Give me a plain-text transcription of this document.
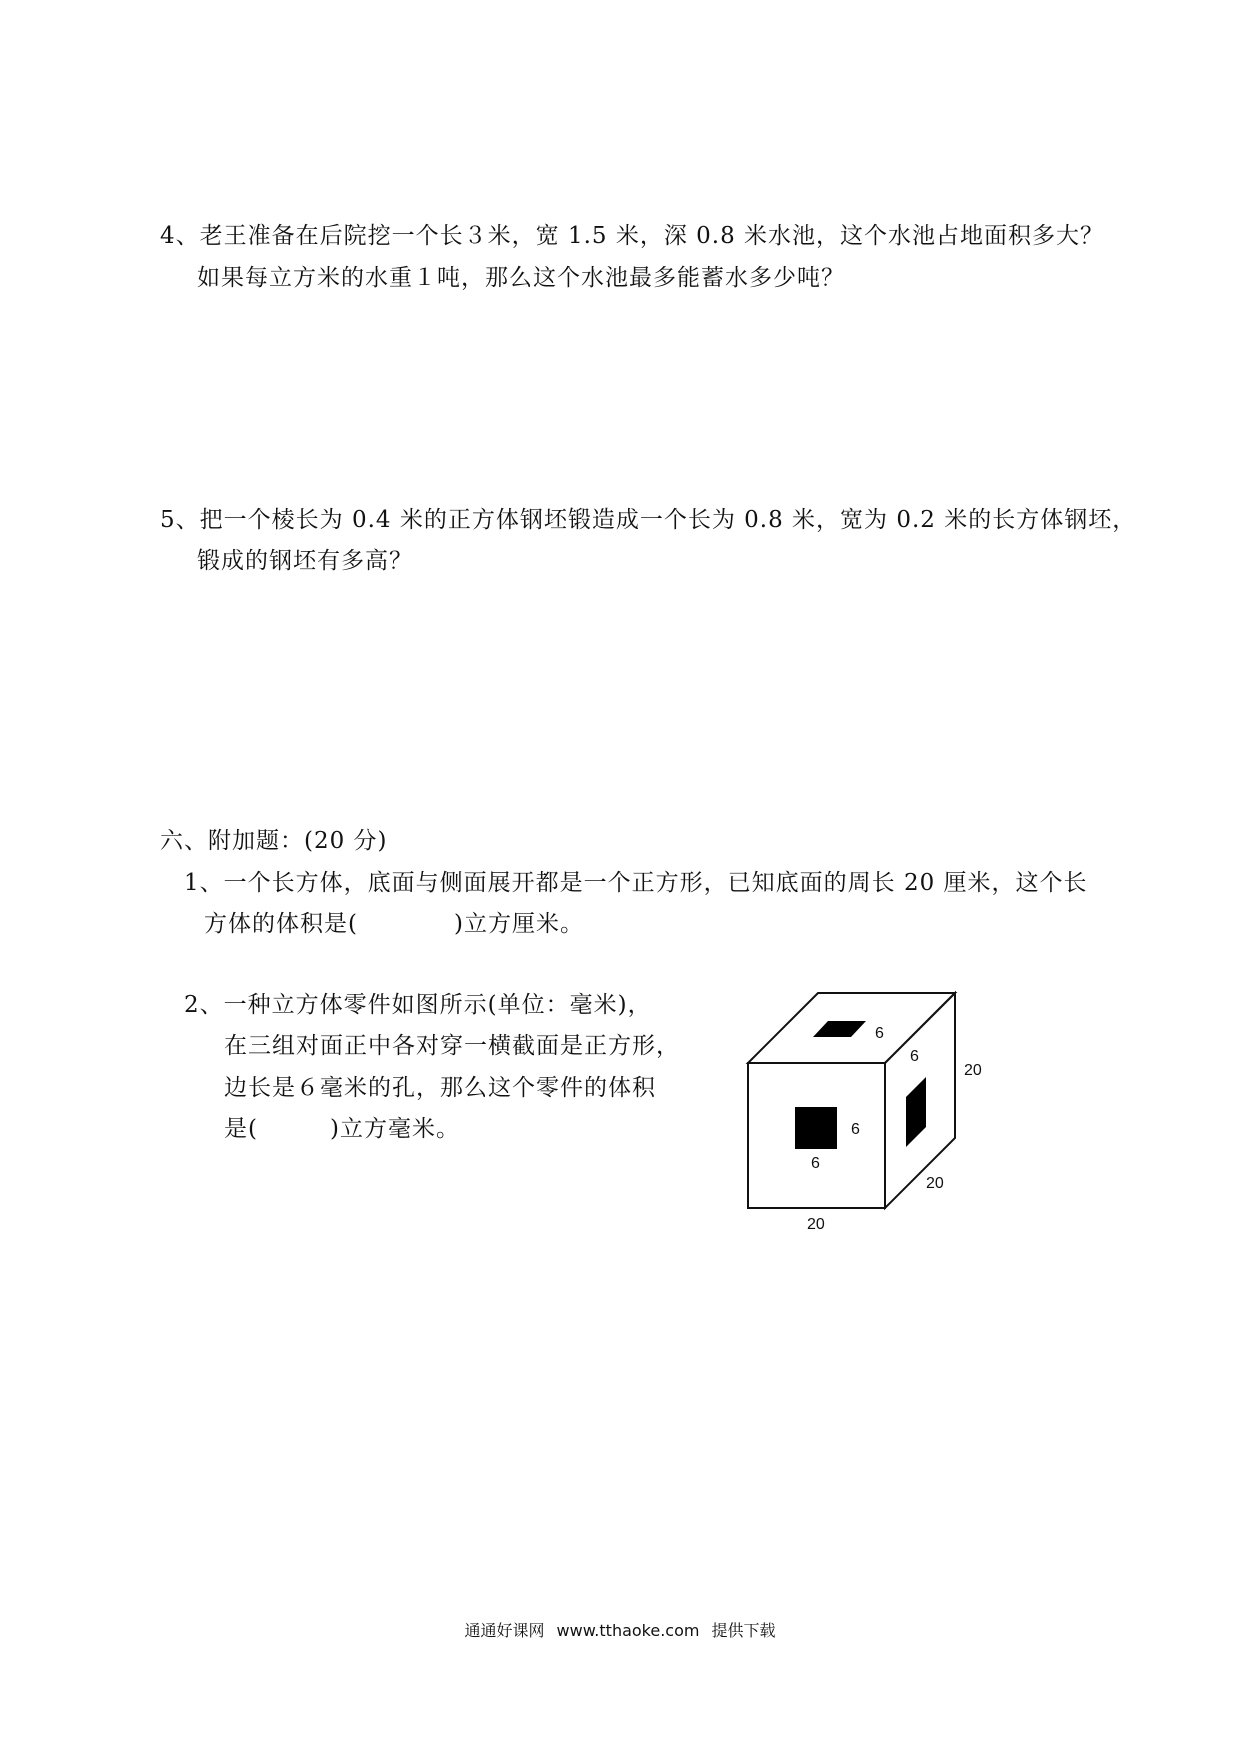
4、老王准备在后院挖一个长３米，宽 1.5 米，深 0.8 米水池，这个水池占地面积多大？
如果每立方米的水重１吨，那么这个水池最多能蓄水多少吨？
5、把一个棱长为 0.4 米的正方体钢坯锻造成一个长为 0.8 米，宽为 0.2 米的长方体钢坯，
锻成的钢坯有多高？
六、附加题：(20 分)
1、一个长方体，底面与侧面展开都是一个正方形，已知底面的周长 20 厘米，这个长
方体的体积是(　　　　)立方厘米。
2、一种立方体零件如图所示(单位：毫米)，
在三组对面正中各对穿一横截面是正方形，
边长是６毫米的孔，那么这个零件的体积
是(　　　)立方毫米。
6
6
20
6
6
20
20
通通好课网 www.tthaoke.com 提供下载
